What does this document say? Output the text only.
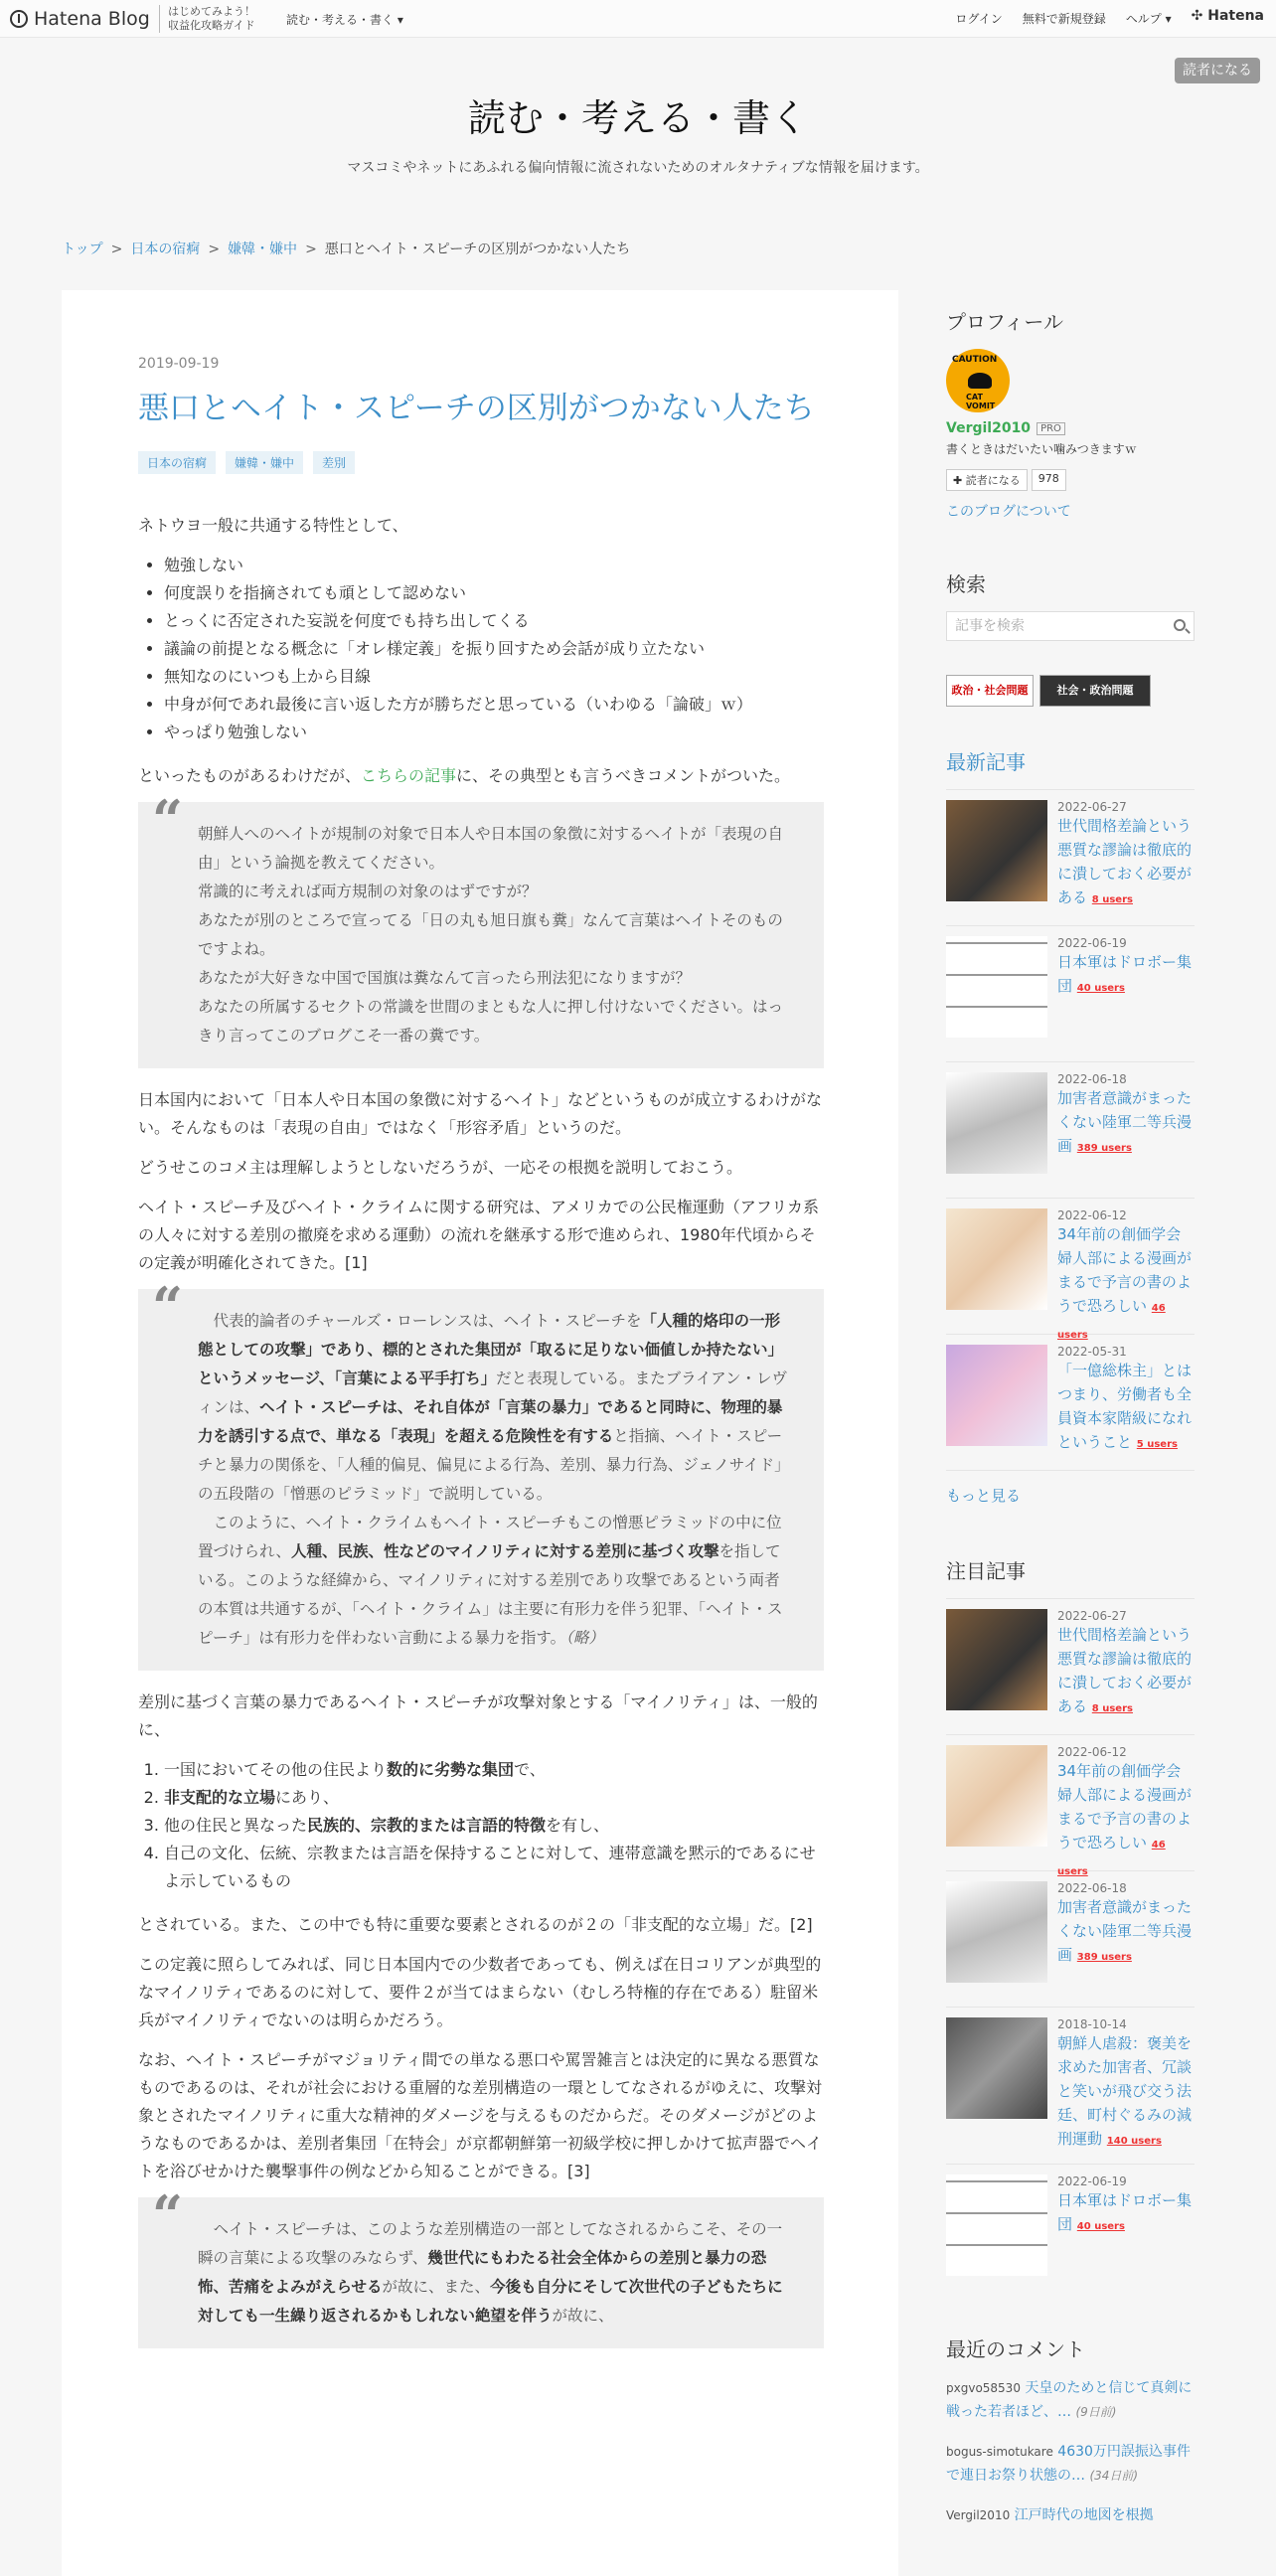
Hatena Blog はじめてみよう！
収益化攻略ガイド	読む・考える・書く ▾	ログイン 無料で新規登録 ヘルプ ▾ ✣ Hatena
読者になる
読む・考える・書く
マスコミやネットにあふれる偏向情報に流されないためのオルタナティブな情報を届けます。
トップ > 日本の宿痾 > 嫌韓・嫌中 > 悪口とヘイト・スピーチの区別がつかない人たち
2019-09-19
悪口とヘイト・スピーチの区別がつかない人たち
日本の宿痾	嫌韓・嫌中	差別

ネトウヨ一般に共通する特性として、

• 勉強しない
• 何度誤りを指摘されても頑として認めない
• とっくに否定された妄説を何度でも持ち出してくる
• 議論の前提となる概念に「オレ様定義」を振り回すため会話が成り立たない
• 無知なのにいつも上から目線
• 中身が何であれ最後に言い返した方が勝ちだと思っている（いわゆる「論破」ｗ）
• やっぱり勉強しない

といったものがあるわけだが、こちらの記事に、その典型とも言うべきコメントがついた。

“ 朝鮮人へのヘイトが規制の対象で日本人や日本国の象徴に対するヘイトが「表現の自由」という論拠を教えてください。
常識的に考えれば両方規制の対象のはずですが？
あなたが別のところで宣ってる「日の丸も旭日旗も糞」なんて言葉はヘイトそのものですよね。
あなたが大好きな中国で国旗は糞なんて言ったら刑法犯になりますが？
あなたの所属するセクトの常識を世間のまともな人に押し付けないでください。はっきり言ってこのブログこそ一番の糞です。

日本国内において「日本人や日本国の象徴に対するヘイト」などというものが成立するわけがない。そんなものは「表現の自由」ではなく「形容矛盾」というのだ。

どうせこのコメ主は理解しようとしないだろうが、一応その根拠を説明しておこう。

ヘイト・スピーチ及びヘイト・クライムに関する研究は、アメリカでの公民権運動（アフリカ系の人々に対する差別の撤廃を求める運動）の流れを継承する形で進められ、1980年代頃からその定義が明確化されてきた。[1]

“ 　代表的論者のチャールズ・ローレンスは、ヘイト・スピーチを「人種的烙印の一形態としての攻撃」であり、標的とされた集団が「取るに足りない価値しか持たない」というメッセージ、「言葉による平手打ち」だと表現している。またブライアン・レヴィンは、ヘイト・スピーチは、それ自体が「言葉の暴力」であると同時に、物理的暴力を誘引する点で、単なる「表現」を超える危険性を有すると指摘、ヘイト・スピーチと暴力の関係を、「人種的偏見、偏見による行為、差別、暴力行為、ジェノサイド」の五段階の「憎悪のピラミッド」で説明している。
　このように、ヘイト・クライムもヘイト・スピーチもこの憎悪ピラミッドの中に位置づけられ、人種、民族、性などのマイノリティに対する差別に基づく攻撃を指している。このような経緯から、マイノリティに対する差別であり攻撃であるという両者の本質は共通するが、「ヘイト・クライム」は主要に有形力を伴う犯罪、「ヘイト・スピーチ」は有形力を伴わない言動による暴力を指す。（略）

差別に基づく言葉の暴力であるヘイト・スピーチが攻撃対象とする「マイノリティ」は、一般的に、

1. 一国においてその他の住民より数的に劣勢な集団で、
2. 非支配的な立場にあり、
3. 他の住民と異なった民族的、宗教的または言語的特徴を有し、
4. 自己の文化、伝統、宗教または言語を保持することに対して、連帯意識を黙示的であるにせよ示しているもの

とされている。また、この中でも特に重要な要素とされるのが２の「非支配的な立場」だ。[2]

この定義に照らしてみれば、同じ日本国内での少数者であっても、例えば在日コリアンが典型的なマイノリティであるのに対して、要件２が当てはまらない（むしろ特権的存在である）駐留米兵がマイノリティでないのは明らかだろう。

なお、ヘイト・スピーチがマジョリティ間での単なる悪口や罵詈雑言とは決定的に異なる悪質なものであるのは、それが社会における重層的な差別構造の一環としてなされるがゆえに、攻撃対象とされたマイノリティに重大な精神的ダメージを与えるものだからだ。そのダメージがどのようなものであるかは、差別者集団「在特会」が京都朝鮮第一初級学校に押しかけて拡声器でヘイトを浴びせかけた襲撃事件の例などから知ることができる。[3]

“ 　ヘイト・スピーチは、このような差別構造の一部としてなされるからこそ、その一瞬の言葉による攻撃のみならず、幾世代にもわたる社会全体からの差別と暴力の恐怖、苦痛をよみがえらせるが故に、また、今後も自分にそして次世代の子どもたちに対しても一生繰り返されるかもしれない絶望を伴うが故に、
プロフィール
CAUTION
CAT VOMIT
Vergil2010	PRO
書くときはだいたい噛みつきますｗ
✚ 読者になる	978
このブログについて
検索
記事を検索
政治・社会問題	社会・政治問題
最新記事
2022-06-27
世代間格差論という悪質な謬論は徹底的に潰しておく必要がある 8 users
2022-06-19
日本軍はドロボー集団 40 users
2022-06-18
加害者意識がまったくない陸軍二等兵漫画 389 users
2022-06-12
34年前の創価学会婦人部による漫画がまるで予言の書のようで恐ろしい 46 users
2022-05-31
「一億総株主」とはつまり、労働者も全員資本家階級になれということ 5 users
もっと見る
注目記事
2022-06-27
世代間格差論という悪質な謬論は徹底的に潰しておく必要がある 8 users
2022-06-12
34年前の創価学会婦人部による漫画がまるで予言の書のようで恐ろしい 46 users
2022-06-18
加害者意識がまったくない陸軍二等兵漫画 389 users
2018-10-14
朝鮮人虐殺：褒美を求めた加害者、冗談と笑いが飛び交う法廷、町村ぐるみの減刑運動 140 users
2022-06-19
日本軍はドロボー集団 40 users
最近のコメント
pxgvo58530 天皇のためと信じて真剣に戦った若者ほど、… (9日前)
bogus-simotukare 4630万円誤振込事件で連日お祭り状態の… (34日前)
Vergil2010 江戸時代の地図を根拠
